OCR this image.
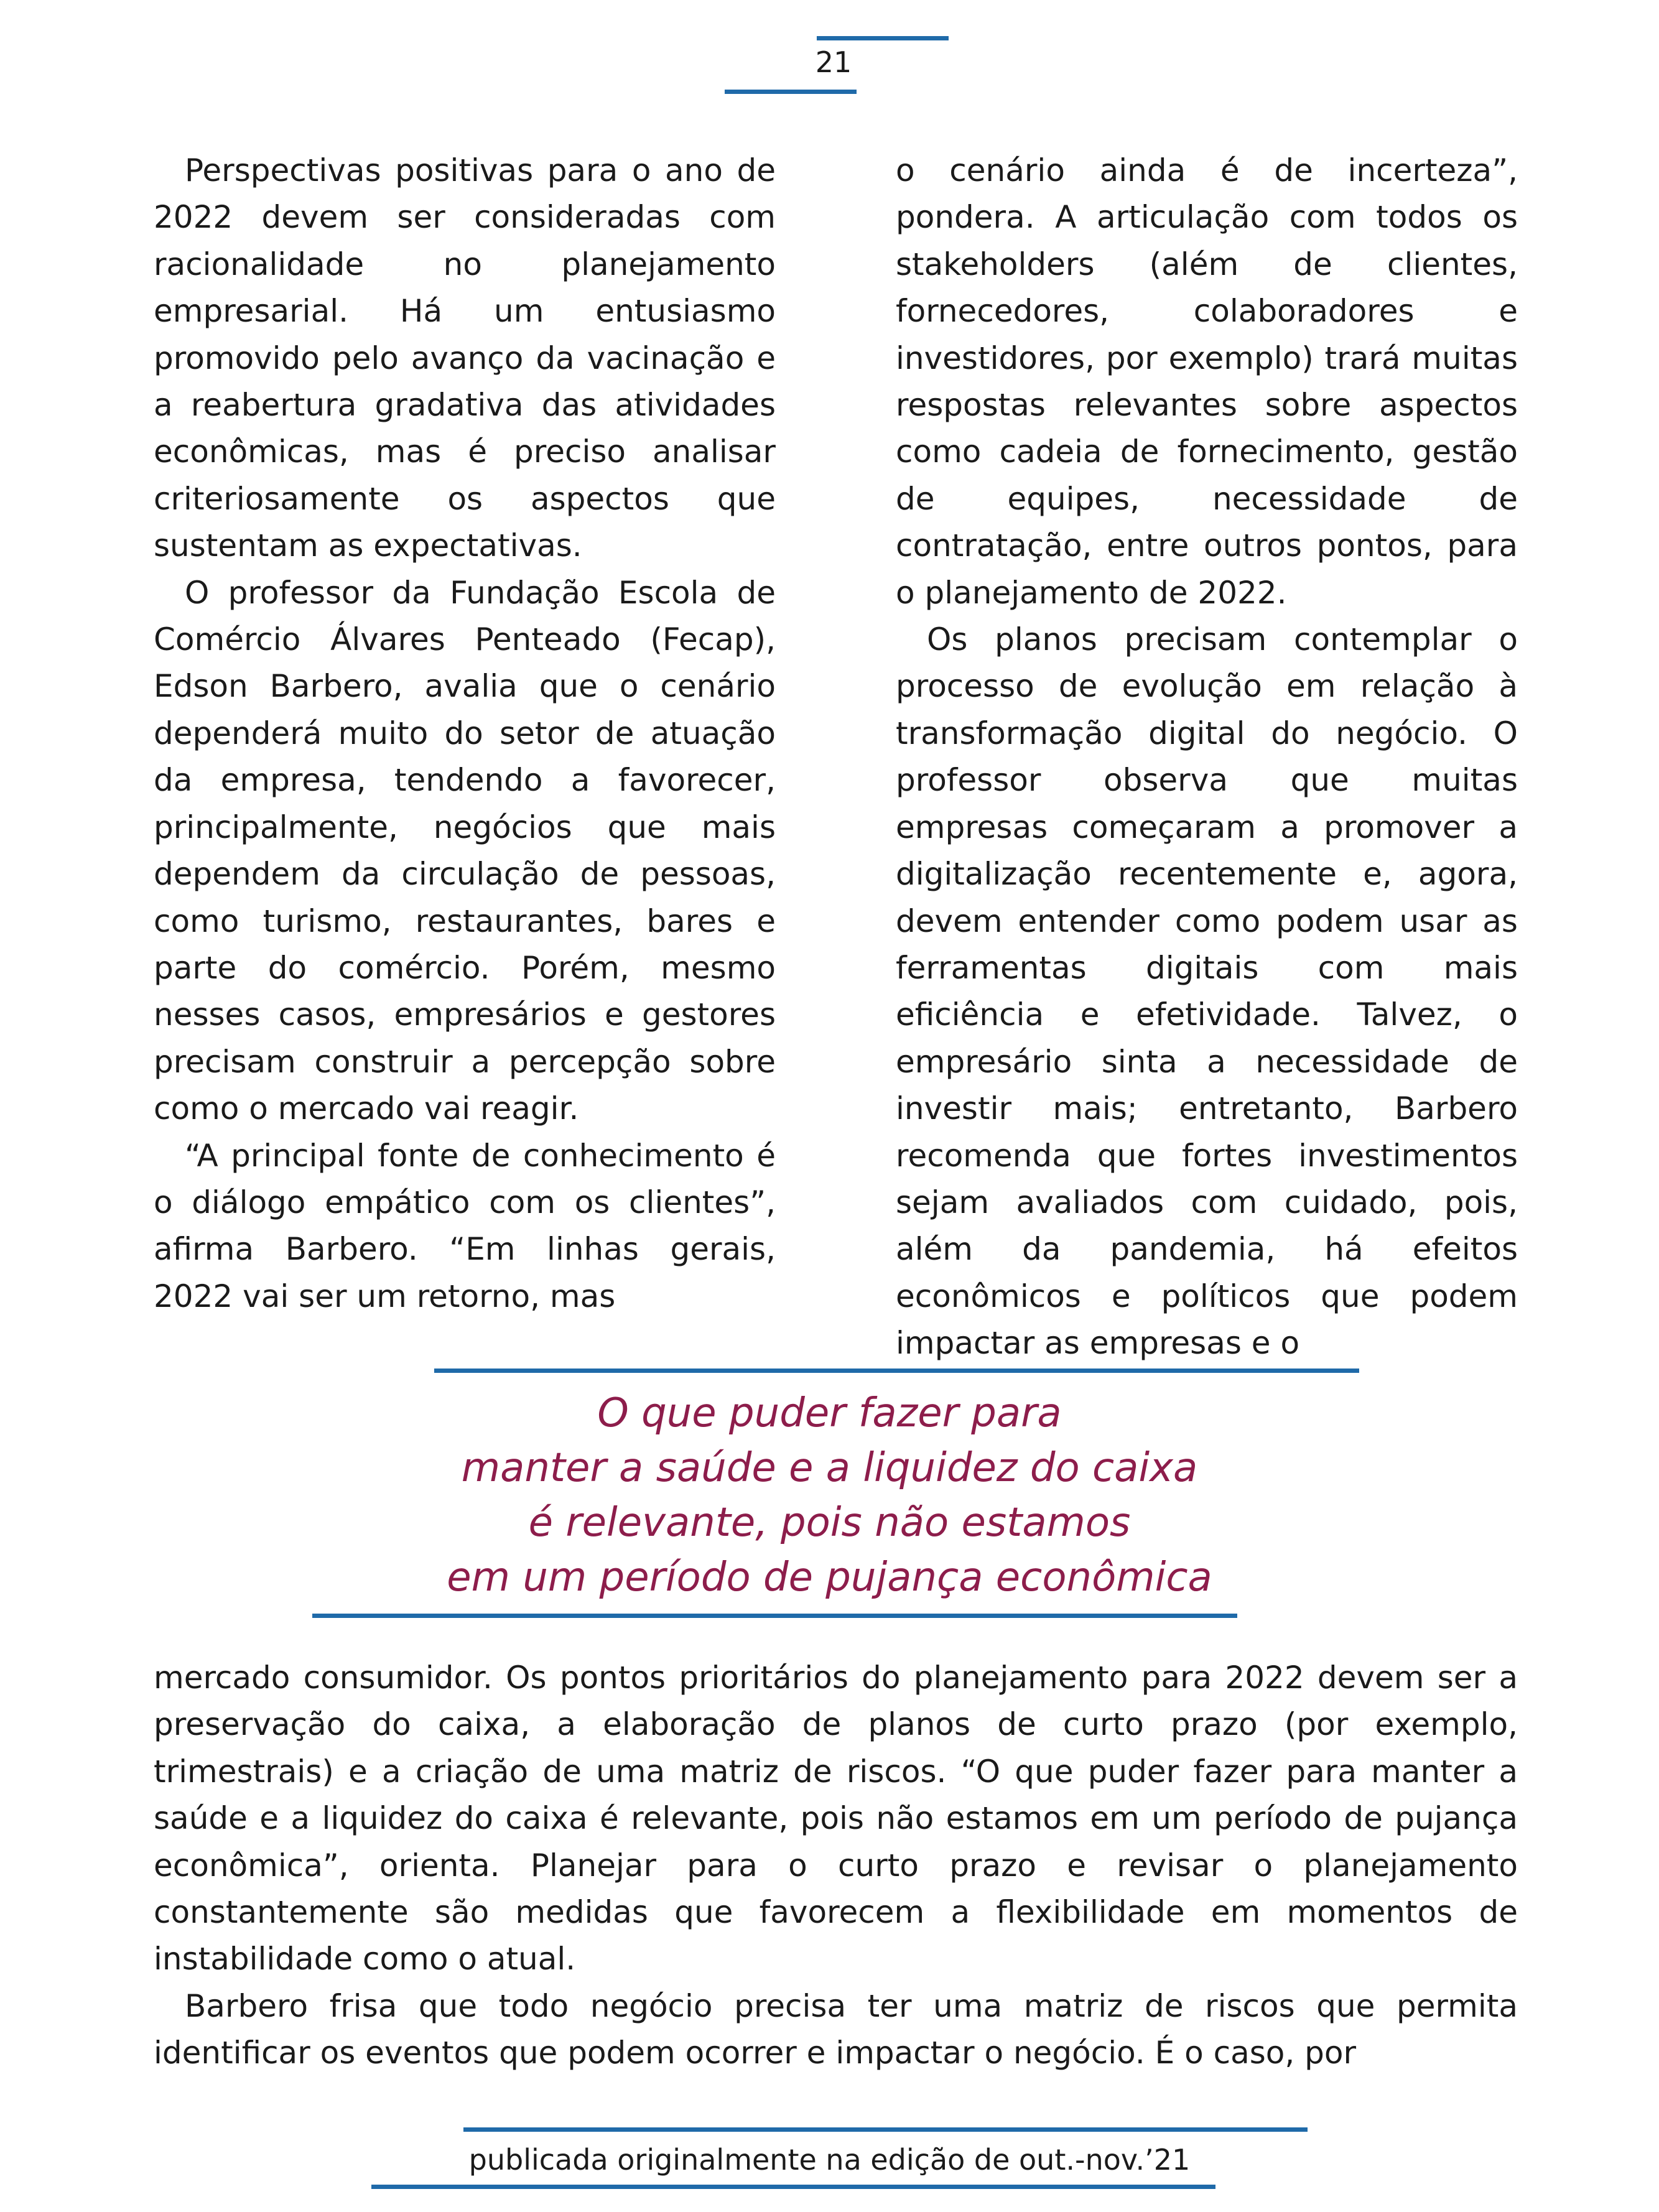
21

Perspectivas positivas para o ano de 2022 devem ser consideradas com racionalidade no planejamento empresarial. Há um entusiasmo promovido pelo avanço da vacinação e a reabertura gradativa das atividades econômicas, mas é preciso analisar criteriosamente os aspectos que sustentam as expectativas.

O professor da Fundação Escola de Comércio Álvares Penteado (Fecap), Edson Barbero, avalia que o cenário dependerá muito do setor de atuação da empresa, tendendo a favorecer, principalmente, negócios que mais dependem da circulação de pessoas, como turismo, restaurantes, bares e parte do comércio. Porém, mesmo nesses casos, empresários e gestores precisam construir a percepção sobre como o mercado vai reagir.

“A principal fonte de conhecimento é o diálogo empático com os clientes”, afirma Barbero. “Em linhas gerais, 2022 vai ser um retorno, mas

o cenário ainda é de incerteza”, pondera. A articulação com todos os stakeholders (além de clientes, fornecedores, colaboradores e investidores, por exemplo) trará muitas respostas relevantes sobre aspectos como cadeia de fornecimento, gestão de equipes, necessidade de contratação, entre outros pontos, para o planejamento de 2022.

Os planos precisam contemplar o processo de evolução em relação à transformação digital do negócio. O professor observa que muitas empresas começaram a promover a digitalização recentemente e, agora, devem entender como podem usar as ferramentas digitais com mais eficiência e efetividade. Talvez, o empresário sinta a necessidade de investir mais; entretanto, Barbero recomenda que fortes investimentos sejam avaliados com cuidado, pois, além da pandemia, há efeitos econômicos e políticos que podem impactar as empresas e o

O que puder fazer para
manter a saúde e a liquidez do caixa
é relevante, pois não estamos
em um período de pujança econômica

mercado consumidor. Os pontos prioritários do planejamento para 2022 devem ser a preservação do caixa, a elaboração de planos de curto prazo (por exemplo, trimestrais) e a criação de uma matriz de riscos. “O que puder fazer para manter a saúde e a liquidez do caixa é relevante, pois não estamos em um período de pujança econômica”, orienta. Planejar para o curto prazo e revisar o planejamento constantemente são medidas que favorecem a flexibilidade em momentos de instabilidade como o atual.

Barbero frisa que todo negócio precisa ter uma matriz de riscos que permita identificar os eventos que podem ocorrer e impactar o negócio. É o caso, por

publicada originalmente na edição de out.-nov.’21
